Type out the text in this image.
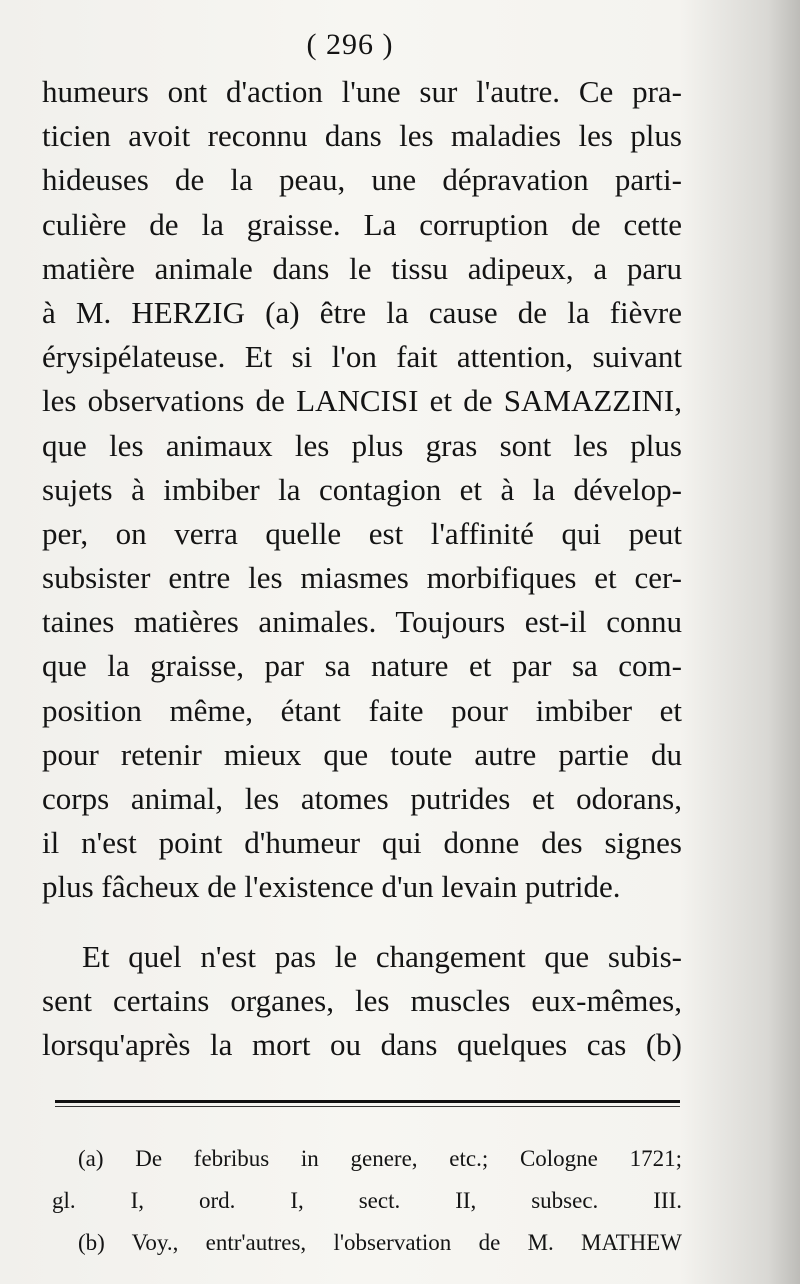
( 296 )
humeurs ont d'action l'une sur l'autre. Ce pra-
ticien avoit reconnu dans les maladies les plus
hideuses de la peau, une dépravation parti-
culière de la graisse. La corruption de cette
matière animale dans le tissu adipeux, a paru
à M. HERZIG (a) être la cause de la fièvre
érysipélateuse. Et si l'on fait attention, suivant
les observations de LANCISI et de SAMAZZINI,
que les animaux les plus gras sont les plus
sujets à imbiber la contagion et à la dévelop-
per, on verra quelle est l'affinité qui peut
subsister entre les miasmes morbifiques et cer-
taines matières animales. Toujours est-il connu
que la graisse, par sa nature et par sa com-
position même, étant faite pour imbiber et
pour retenir mieux que toute autre partie du
corps animal, les atomes putrides et odorans,
il n'est point d'humeur qui donne des signes
plus fâcheux de l'existence d'un levain putride.
Et quel n'est pas le changement que subis-
sent certains organes, les muscles eux-mêmes,
lorsqu'après la mort ou dans quelques cas (b)
(a) De febribus in genere, etc.; Cologne 1721;
gl. I, ord. I, sect. II, subsec. III.
(b) Voy., entr'autres, l'observation de M. MATHEW
